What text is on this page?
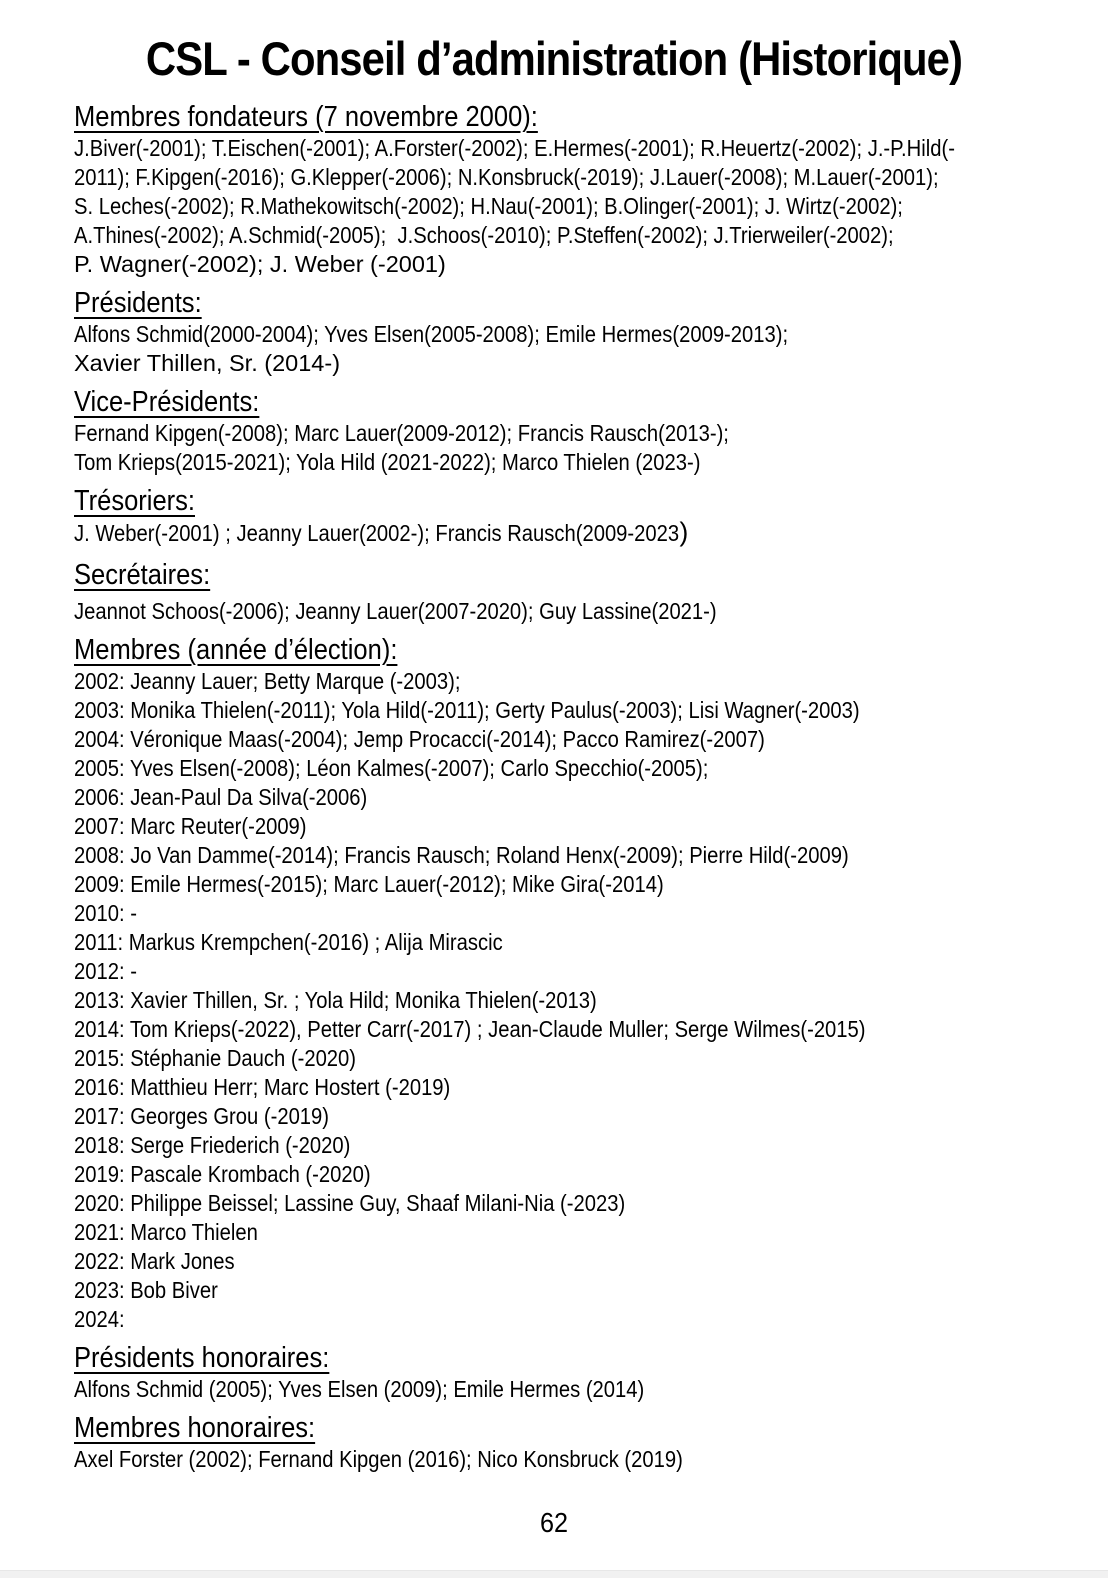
CSL - Conseil d’administration (Historique)
Membres fondateurs (7 novembre 2000):
J.Biver(-2001); T.Eischen(-2001); A.Forster(-2002); E.Hermes(-2001); R.Heuertz(-2002); J.-P.Hild(-
2011); F.Kipgen(-2016); G.Klepper(-2006); N.Konsbruck(-2019); J.Lauer(-2008); M.Lauer(-2001);
S. Leches(-2002); R.Mathekowitsch(-2002); H.Nau(-2001); B.Olinger(-2001); J. Wirtz(-2002);
A.Thines(-2002); A.Schmid(-2005);  J.Schoos(-2010); P.Steffen(-2002); J.Trierweiler(-2002);
P. Wagner(-2002); J. Weber (-2001)
Présidents:
Alfons Schmid(2000-2004); Yves Elsen(2005-2008); Emile Hermes(2009-2013);
Xavier Thillen, Sr. (2014-)
Vice-Présidents:
Fernand Kipgen(-2008); Marc Lauer(2009-2012); Francis Rausch(2013-);
Tom Krieps(2015-2021); Yola Hild (2021-2022); Marco Thielen (2023-)
Trésoriers:
J. Weber(-2001) ; Jeanny Lauer(2002-); Francis Rausch(2009-2023)
Secrétaires:
Jeannot Schoos(-2006); Jeanny Lauer(2007-2020); Guy Lassine(2021-)
Membres (année d’élection):
2002: Jeanny Lauer; Betty Marque (-2003);
2003: Monika Thielen(-2011); Yola Hild(-2011); Gerty Paulus(-2003); Lisi Wagner(-2003)
2004: Véronique Maas(-2004); Jemp Procacci(-2014); Pacco Ramirez(-2007)
2005: Yves Elsen(-2008); Léon Kalmes(-2007); Carlo Specchio(-2005);
2006: Jean-Paul Da Silva(-2006)
2007: Marc Reuter(-2009)
2008: Jo Van Damme(-2014); Francis Rausch; Roland Henx(-2009); Pierre Hild(-2009)
2009: Emile Hermes(-2015); Marc Lauer(-2012); Mike Gira(-2014)
2010: -
2011: Markus Krempchen(-2016) ; Alija Mirascic
2012: -
2013: Xavier Thillen, Sr. ; Yola Hild; Monika Thielen(-2013)
2014: Tom Krieps(-2022), Petter Carr(-2017) ; Jean-Claude Muller; Serge Wilmes(-2015)
2015: Stéphanie Dauch (-2020)
2016: Matthieu Herr; Marc Hostert (-2019)
2017: Georges Grou (-2019)
2018: Serge Friederich (-2020)
2019: Pascale Krombach (-2020)
2020: Philippe Beissel; Lassine Guy, Shaaf Milani-Nia (-2023)
2021: Marco Thielen
2022: Mark Jones
2023: Bob Biver
2024:
Présidents honoraires:
Alfons Schmid (2005); Yves Elsen (2009); Emile Hermes (2014)
Membres honoraires:
Axel Forster (2002); Fernand Kipgen (2016); Nico Konsbruck (2019)
62
